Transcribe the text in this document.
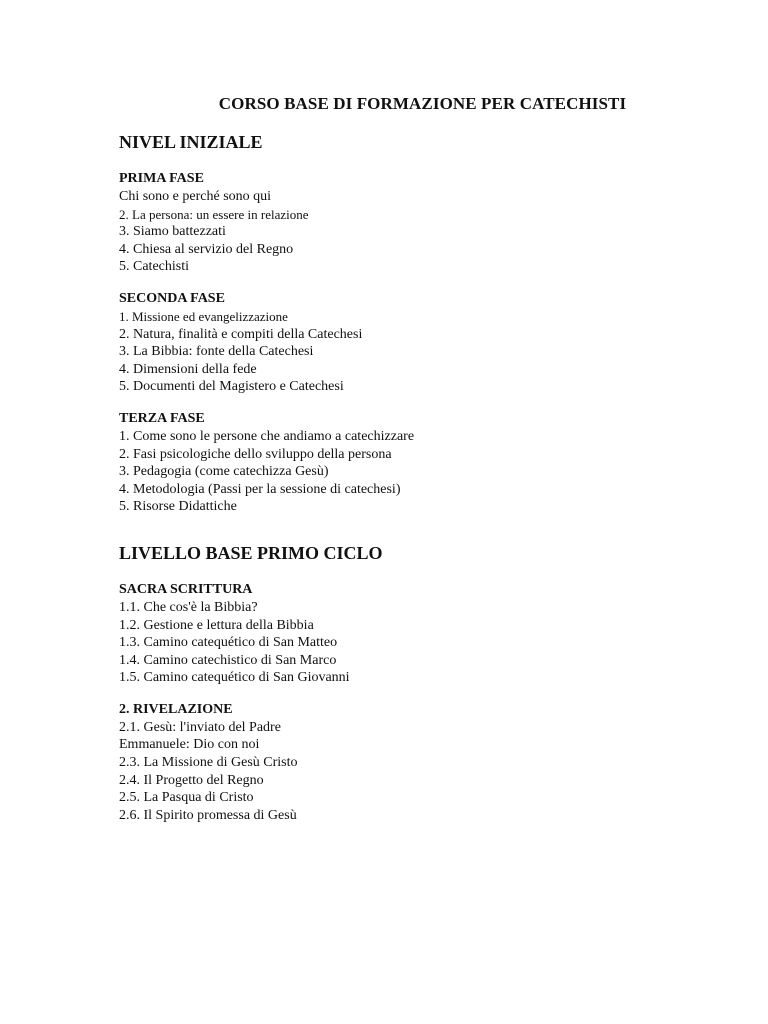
CORSO BASE DI FORMAZIONE PER CATECHISTI
NIVEL INIZIALE
PRIMA FASE
Chi sono e perché sono qui
2. La persona: un essere in relazione
3. Siamo battezzati
4. Chiesa al servizio del Regno
5. Catechisti
SECONDA FASE
1. Missione ed evangelizzazione
2. Natura, finalità e compiti della Catechesi
3. La Bibbia: fonte della Catechesi
4. Dimensioni della fede
5. Documenti del Magistero e Catechesi
TERZA FASE
1. Come sono le persone che andiamo a catechizzare
2. Fasi psicologiche dello sviluppo della persona
3. Pedagogia (come catechizza Gesù)
4. Metodologia (Passi per la sessione di catechesi)
5. Risorse Didattiche
LIVELLO BASE PRIMO CICLO
SACRA SCRITTURA
1.1. Che cos'è la Bibbia?
1.2. Gestione e lettura della Bibbia
1.3. Camino catequético di San Matteo
1.4. Camino catechistico di San Marco
1.5. Camino catequético di San Giovanni
2. RIVELAZIONE
2.1. Gesù: l'inviato del Padre
Emmanuele: Dio con noi
2.3. La Missione di Gesù Cristo
2.4. Il Progetto del Regno
2.5. La Pasqua di Cristo
2.6. Il Spirito promessa di Gesù
